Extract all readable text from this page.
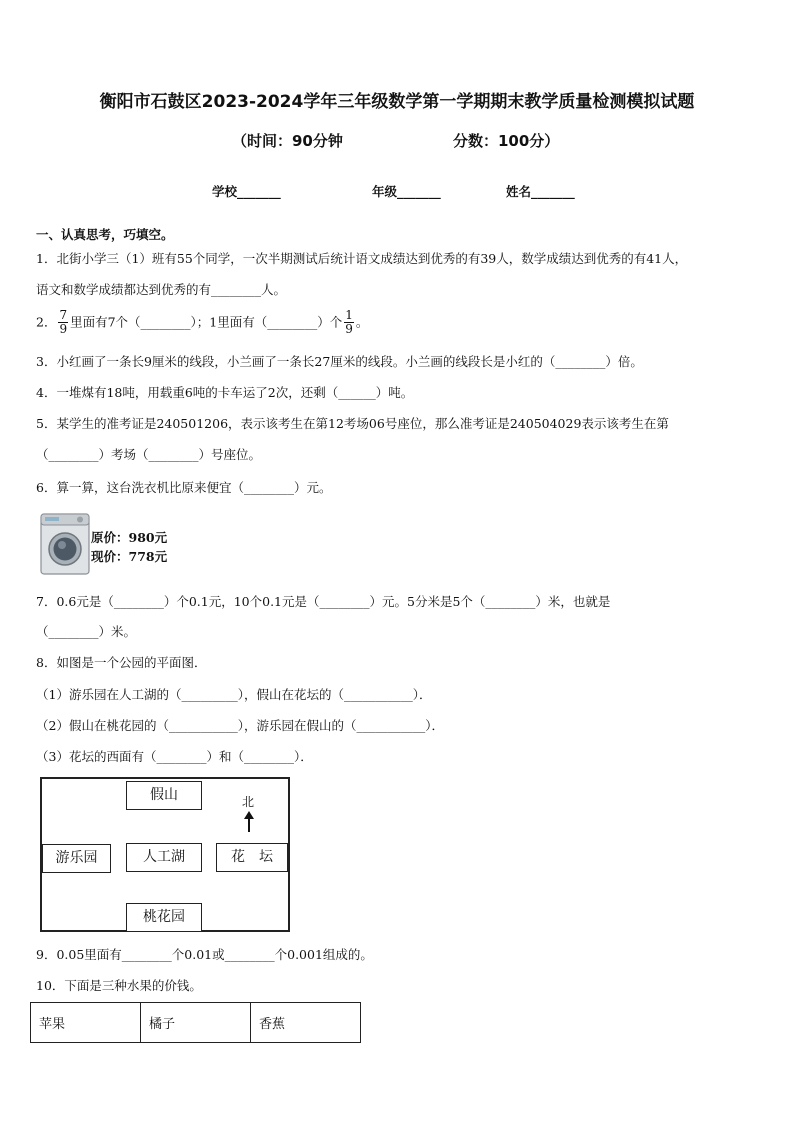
衡阳市石鼓区2023-2024学年三年级数学第一学期期末教学质量检测模拟试题
（时间：90分钟	分数：100分）
学校_______	年级_______	姓名_______
一、认真思考，巧填空。
1．北街小学三（1）班有55个同学，一次半期测试后统计语文成绩达到优秀的有39人，数学成绩达到优秀的有41人，
语文和数学成绩都达到优秀的有________人。
2． $\frac{7}{9}$ 里面有7个（________）；1里面有（________）个 $\frac{1}{9}$ 。
3．小红画了一条长9厘米的线段，小兰画了一条长27厘米的线段。小兰画的线段长是小红的（________）倍。
4．一堆煤有18吨，用载重6吨的卡车运了2次，还剩（______）吨。
5．某学生的准考证是240501206，表示该考生在第12考场06号座位，那么准考证是240504029表示该考生在第
（________）考场（________）号座位。
6．算一算，这台洗衣机比原来便宜（________）元。
原价：980元
现价：778元
7．0.6元是（________）个0.1元，10个0.1元是（________）元。5分米是5个（________）米，也就是
（________）米。
8．如图是一个公园的平面图．
（1）游乐园在人工湖的（_________），假山在花坛的（___________）．
（2）假山在桃花园的（___________），游乐园在假山的（___________）．
（3）花坛的西面有（________）和（________）．
假山	北
游乐园	人工湖	花　坛
桃花园
9．0.05里面有________个0.01或________个0.001组成的。
10．下面是三种水果的价钱。
苹果	橘子	香蕉
